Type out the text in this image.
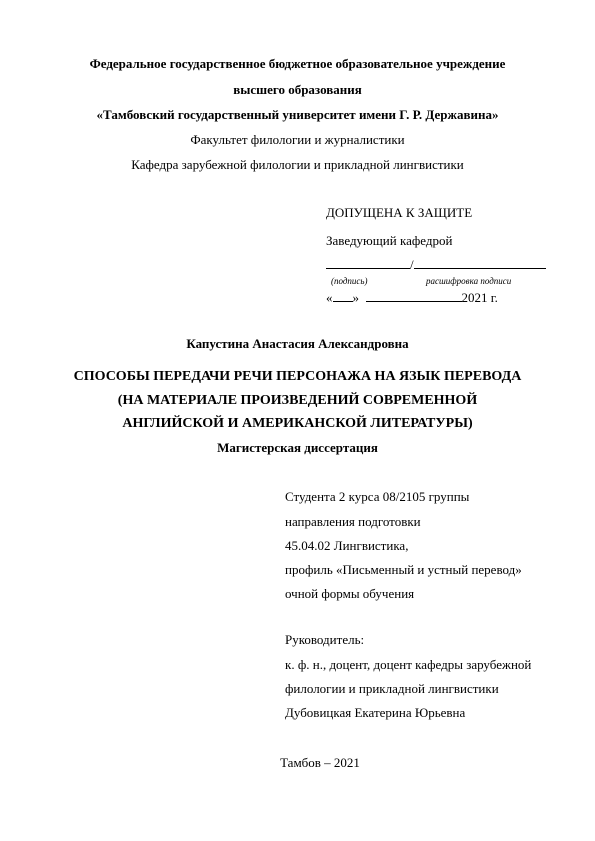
Федеральное государственное бюджетное образовательное учреждение
высшего образования
«Тамбовский государственный университет имени Г. Р. Державина»
Факультет филологии и журналистики
Кафедра зарубежной филологии и прикладной лингвистики
ДОПУЩЕНА К ЗАЩИТЕ
Заведующий кафедрой
/
(подпись)	расшифровка подписи
« »	2021 г.
Капустина Анастасия Александровна
СПОСОБЫ ПЕРЕДАЧИ РЕЧИ ПЕРСОНАЖА НА ЯЗЫК ПЕРЕВОДА
(НА МАТЕРИАЛЕ ПРОИЗВЕДЕНИЙ СОВРЕМЕННОЙ
АНГЛИЙСКОЙ И АМЕРИКАНСКОЙ ЛИТЕРАТУРЫ)
Магистерская диссертация
Студента 2 курса 08/2105 группы
направления подготовки
45.04.02 Лингвистика,
профиль «Письменный и устный перевод»
очной формы обучения
Руководитель:
к. ф. н., доцент, доцент кафедры зарубежной
филологии и прикладной лингвистики
Дубовицкая Екатерина Юрьевна
Тамбов – 2021
